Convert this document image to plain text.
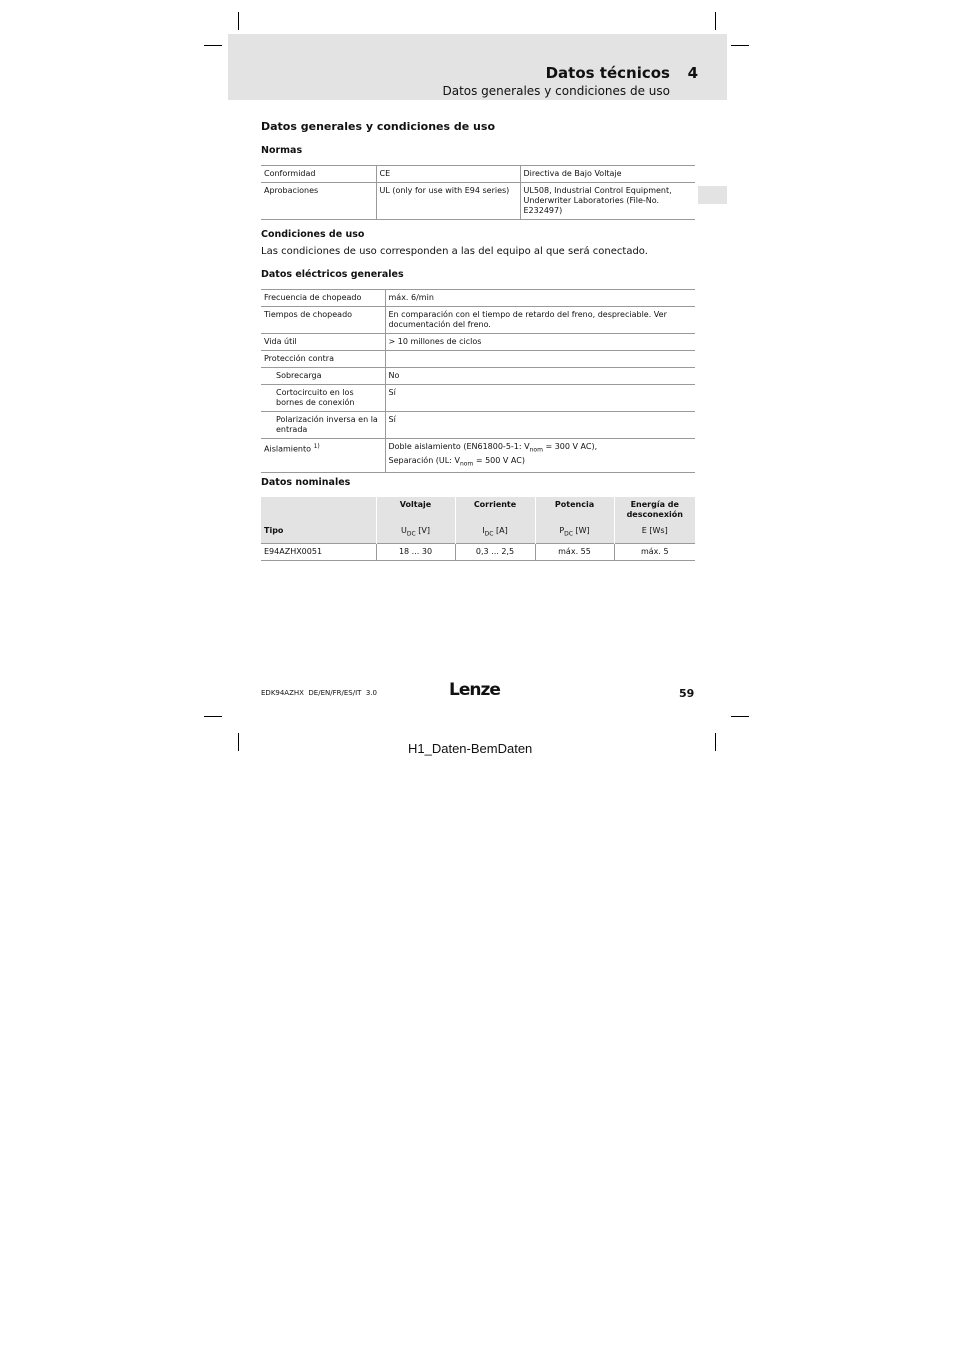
Datos técnicos 4
Datos generales y condiciones de uso
Datos generales y condiciones de uso
Normas
Conformidad	CE	Directiva de Bajo Voltaje
Aprobaciones	UL (only for use with E94 series)	UL508, Industrial Control Equipment, Underwriter Laboratories (File-No. E232497)
Condiciones de uso
Las condiciones de uso corresponden a las del equipo al que será conectado.
Datos eléctricos generales
Frecuencia de chopeado	máx. 6/min
Tiempos de chopeado	En comparación con el tiempo de retardo del freno, despreciable. Ver documentación del freno.
Vida útil	> 10 millones de ciclos
Protección contra	
Sobrecarga	No
Cortocircuito en los bornes de conexión	Sí
Polarización inversa en la entrada	Sí
Aislamiento $^{1)}$	Doble aislamiento (EN61800-5-1: $V_{nom} = 300$ V AC),
Separación (UL: $V_{nom} = 500$ V AC)
Datos nominales
	Voltaje	Corriente	Potencia	Energía de desconexión
Tipo	$U_{DC}$ [V]	$I_{DC}$ [A]	$P_{DC}$ [W]	E [Ws]
E94AZHX0051	18 ... 30	0,3 ... 2,5	máx. 55	máx. 5
EDK94AZHX  DE/EN/FR/ES/IT  3.0	Lenze	59
H1_Daten-BemDaten
